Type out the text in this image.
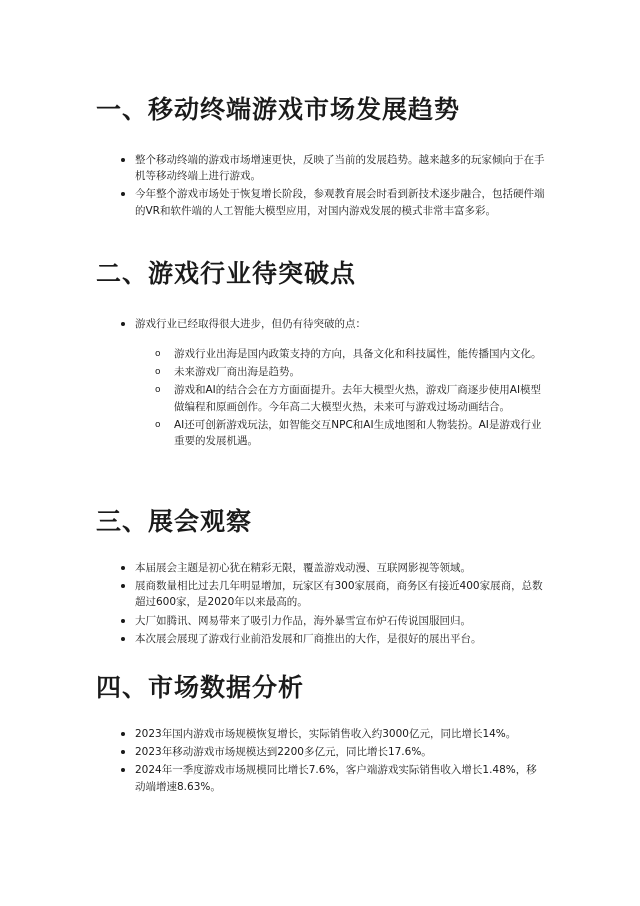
一、移动终端游戏市场发展趋势
整个移动终端的游戏市场增速更快，反映了当前的发展趋势。越来越多的玩家倾向于在手机等移动终端上进行游戏。
今年整个游戏市场处于恢复增长阶段，参观教育展会时看到新技术逐步融合，包括硬件端的VR和软件端的人工智能大模型应用，对国内游戏发展的模式非常丰富多彩。
二、游戏行业待突破点
游戏行业已经取得很大进步，但仍有待突破的点：
o 游戏行业出海是国内政策支持的方向，具备文化和科技属性，能传播国内文化。
o 未来游戏厂商出海是趋势。
o 游戏和AI的结合会在方方面面提升。去年大模型火热，游戏厂商逐步使用AI模型做编程和原画创作。今年高二大模型火热，未来可与游戏过场动画结合。
o AI还可创新游戏玩法，如智能交互NPC和AI生成地图和人物装扮。AI是游戏行业重要的发展机遇。
三、展会观察
本届展会主题是初心犹在精彩无限，覆盖游戏动漫、互联网影视等领域。
展商数量相比过去几年明显增加，玩家区有300家展商，商务区有接近400家展商，总数超过600家，是2020年以来最高的。
大厂如腾讯、网易带来了吸引力作品，海外暴雪宣布炉石传说国服回归。
本次展会展现了游戏行业前沿发展和厂商推出的大作，是很好的展出平台。
四、市场数据分析
2023年国内游戏市场规模恢复增长，实际销售收入约3000亿元，同比增长14%。
2023年移动游戏市场规模达到2200多亿元，同比增长17.6%。
2024年一季度游戏市场规模同比增长7.6%，客户端游戏实际销售收入增长1.48%，移动端增速8.63%。
